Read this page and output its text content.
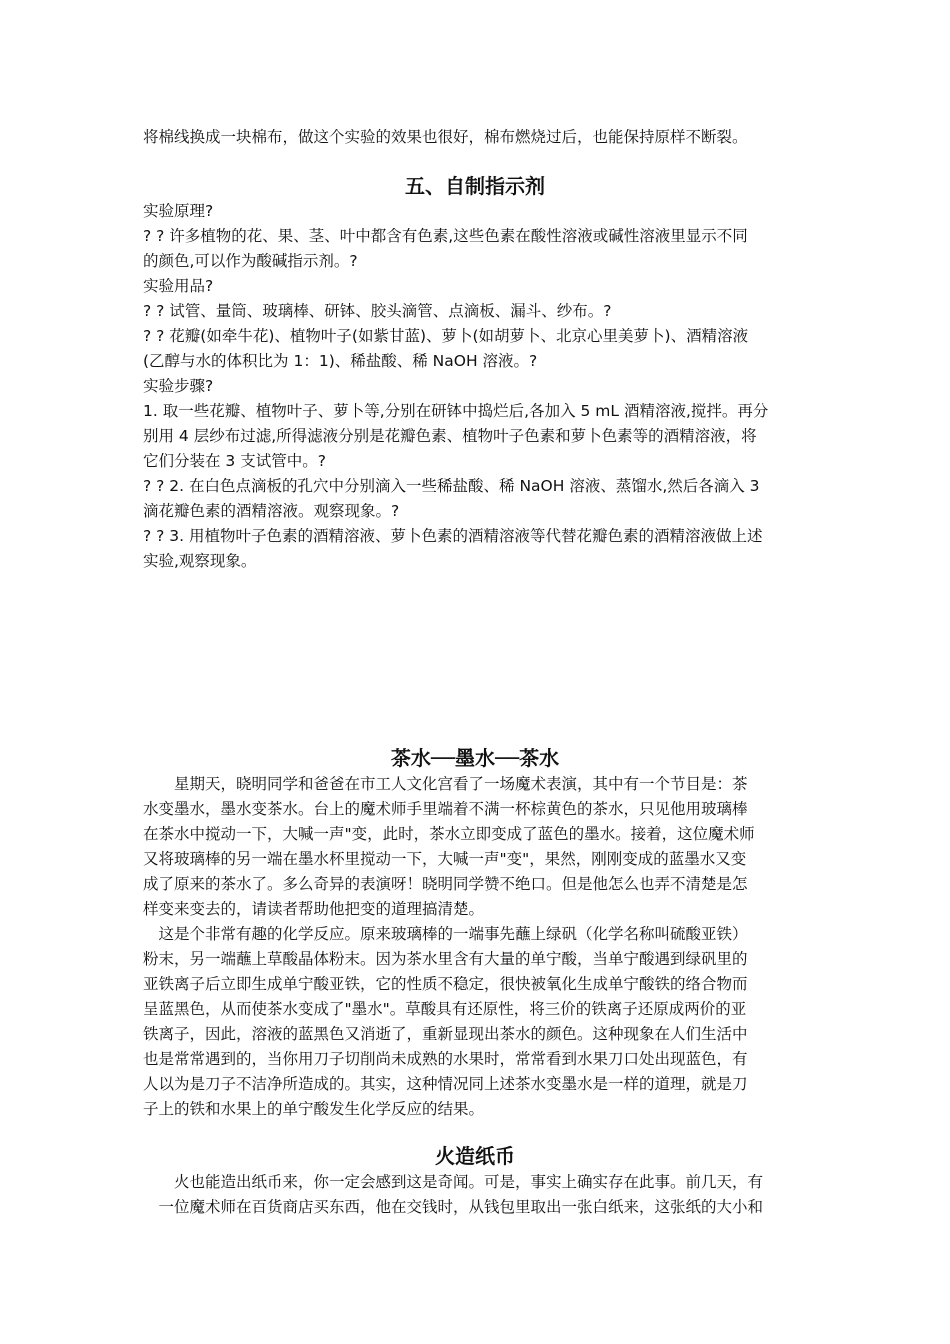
将棉线换成一块棉布，做这个实验的效果也很好，棉布燃烧过后，也能保持原样不断裂。
五、自制指示剂
实验原理?
? ? 许多植物的花、果、茎、叶中都含有色素,这些色素在酸性溶液或碱性溶液里显示不同
的颜色,可以作为酸碱指示剂。?
实验用品?
? ? 试管、量筒、玻璃棒、研钵、胶头滴管、点滴板、漏斗、纱布。?
? ? 花瓣(如牵牛花)、植物叶子(如紫甘蓝)、萝卜(如胡萝卜、北京心里美萝卜)、酒精溶液
(乙醇与水的体积比为 1：1)、稀盐酸、稀 NaOH 溶液。?
实验步骤?
1. 取一些花瓣、植物叶子、萝卜等,分别在研钵中捣烂后,各加入 5 mL 酒精溶液,搅拌。再分
别用 4 层纱布过滤,所得滤液分别是花瓣色素、植物叶子色素和萝卜色素等的酒精溶液，将
它们分装在 3 支试管中。?
? ? 2. 在白色点滴板的孔穴中分别滴入一些稀盐酸、稀 NaOH 溶液、蒸馏水,然后各滴入 3
滴花瓣色素的酒精溶液。观察现象。?
? ? 3. 用植物叶子色素的酒精溶液、萝卜色素的酒精溶液等代替花瓣色素的酒精溶液做上述
实验,观察现象。
茶水──墨水──茶水
　　星期天，晓明同学和爸爸在市工人文化宫看了一场魔术表演，其中有一个节目是：茶
水变墨水，墨水变茶水。台上的魔术师手里端着不满一杯棕黄色的茶水，只见他用玻璃棒
在茶水中搅动一下，大喊一声"变，此时，茶水立即变成了蓝色的墨水。接着，这位魔术师
又将玻璃棒的另一端在墨水杯里搅动一下，大喊一声"变"，果然，刚刚变成的蓝墨水又变
成了原来的茶水了。多么奇异的表演呀！晓明同学赞不绝口。但是他怎么也弄不清楚是怎
样变来变去的，请读者帮助他把变的道理搞清楚。
　这是个非常有趣的化学反应。原来玻璃棒的一端事先蘸上绿矾（化学名称叫硫酸亚铁）
粉末，另一端蘸上草酸晶体粉末。因为茶水里含有大量的单宁酸，当单宁酸遇到绿矾里的
亚铁离子后立即生成单宁酸亚铁，它的性质不稳定，很快被氧化生成单宁酸铁的络合物而
呈蓝黑色，从而使茶水变成了"墨水"。草酸具有还原性，将三价的铁离子还原成两价的亚
铁离子，因此，溶液的蓝黑色又消逝了，重新显现出茶水的颜色。这种现象在人们生活中
也是常常遇到的，当你用刀子切削尚未成熟的水果时，常常看到水果刀口处出现蓝色，有
人以为是刀子不洁净所造成的。其实，这种情况同上述茶水变墨水是一样的道理，就是刀
子上的铁和水果上的单宁酸发生化学反应的结果。
火造纸币
　　火也能造出纸币来，你一定会感到这是奇闻。可是，事实上确实存在此事。前几天，有
　一位魔术师在百货商店买东西，他在交钱时，从钱包里取出一张白纸来，这张纸的大小和
